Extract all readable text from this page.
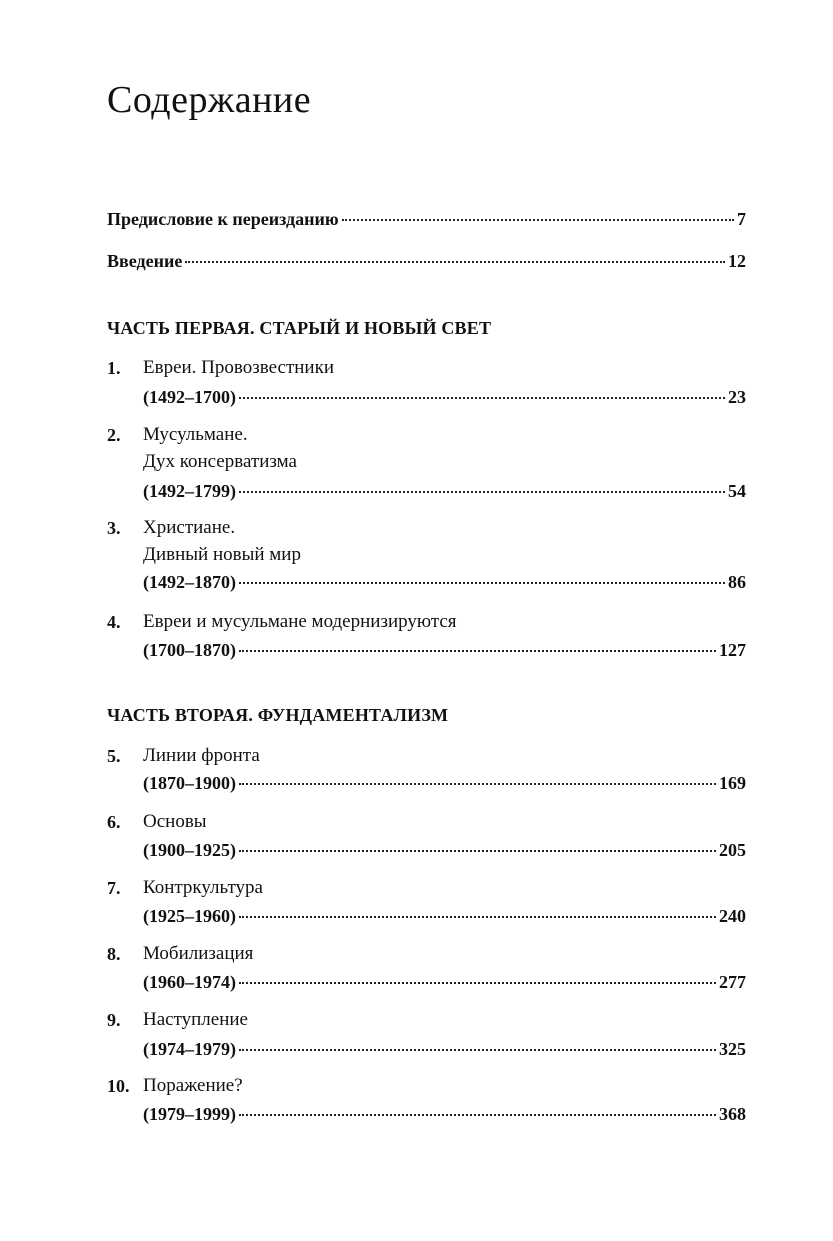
Содержание
Предисловие к переизданию	7
Введение	12
ЧАСТЬ ПЕРВАЯ. СТАРЫЙ И НОВЫЙ СВЕТ
1. Евреи. Провозвестники
(1492–1700)	23
2. Мусульмане.
Дух консерватизма
(1492–1799)	54
3. Христиане.
Дивный новый мир
(1492–1870)	86
4. Евреи и мусульмане модернизируются
(1700–1870)	127
ЧАСТЬ ВТОРАЯ. ФУНДАМЕНТАЛИЗМ
5. Линии фронта
(1870–1900)	169
6. Основы
(1900–1925)	205
7. Контркультура
(1925–1960)	240
8. Мобилизация
(1960–1974)	277
9. Наступление
(1974–1979)	325
10. Поражение?
(1979–1999)	368
